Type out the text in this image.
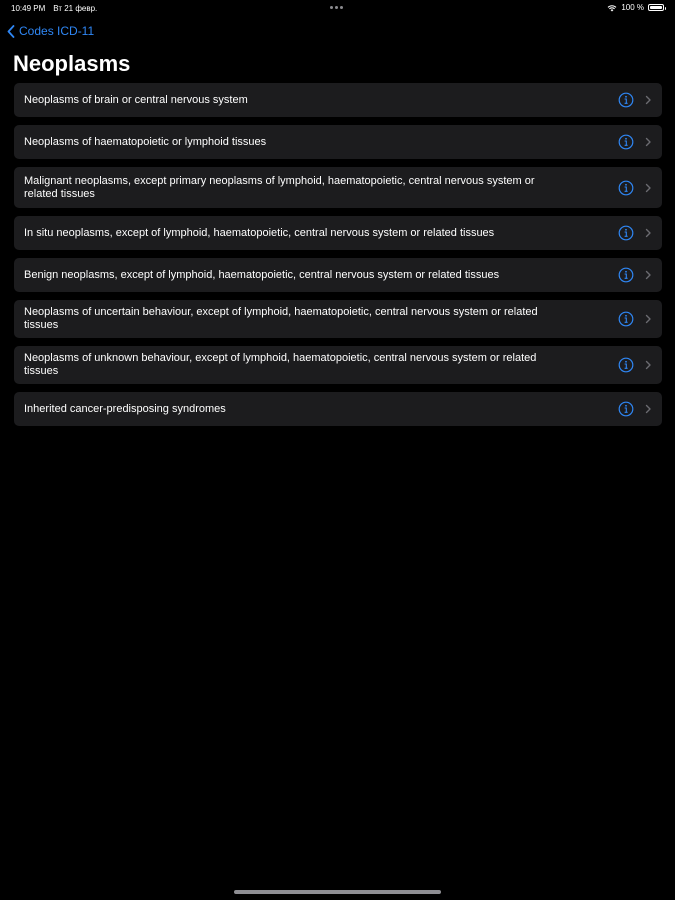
10:49 PM Вт 21 февр.	100 %
Codes ICD-11
Neoplasms
Neoplasms of brain or central nervous system
Neoplasms of haematopoietic or lymphoid tissues
Malignant neoplasms, except primary neoplasms of lymphoid, haematopoietic, central nervous system or related tissues
In situ neoplasms, except of lymphoid, haematopoietic, central nervous system or related tissues
Benign neoplasms, except of lymphoid, haematopoietic, central nervous system or related tissues
Neoplasms of uncertain behaviour, except of lymphoid, haematopoietic, central nervous system or related tissues
Neoplasms of unknown behaviour, except of lymphoid, haematopoietic, central nervous system or related tissues
Inherited cancer-predisposing syndromes
